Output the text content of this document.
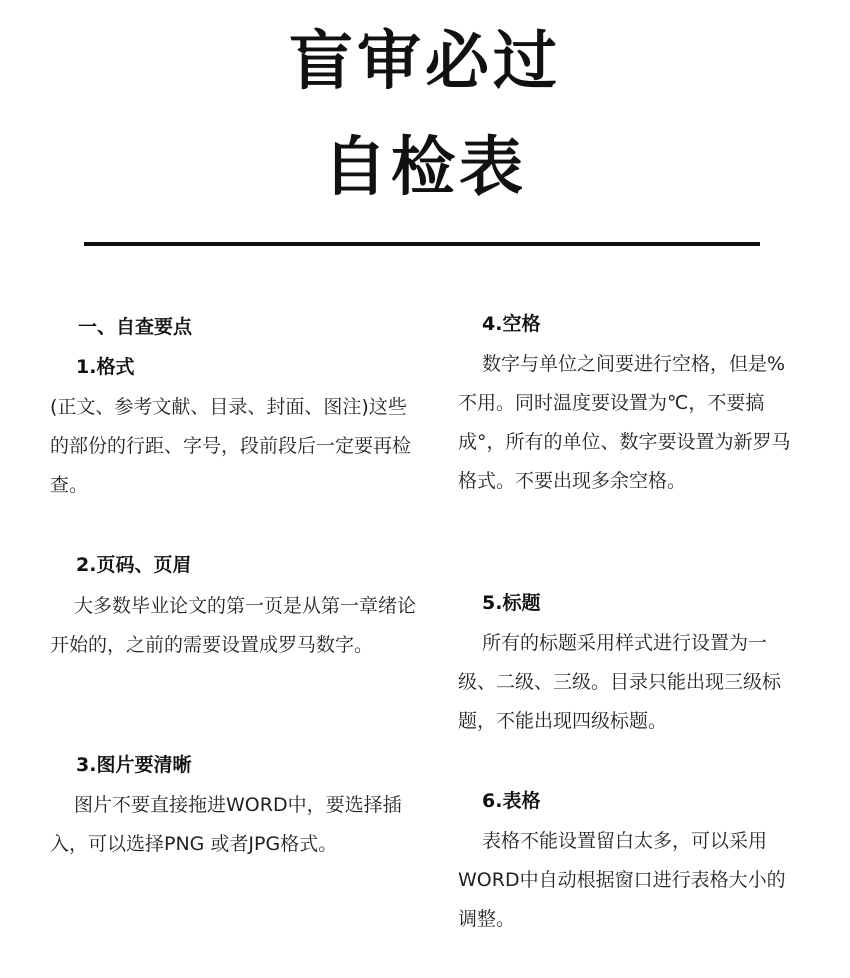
盲审必过
自检表
一、自查要点
1.格式
(正文、参考文献、目录、封面、图注)这些的部份的行距、字号，段前段后一定要再检查。
2.页码、页眉
大多数毕业论文的第一页是从第一章绪论开始的，之前的需要设置成罗马数字。
3.图片要清晰
图片不要直接拖进WORD中，要选择插入，可以选择PNG 或者JPG格式。
4.空格
数字与单位之间要进行空格，但是%不用。同时温度要设置为℃，不要搞成°，所有的单位、数字要设置为新罗马格式。不要出现多余空格。
5.标题
所有的标题采用样式进行设置为一级、二级、三级。目录只能出现三级标题，不能出现四级标题。
6.表格
表格不能设置留白太多，可以采用WORD中自动根据窗口进行表格大小的调整。
